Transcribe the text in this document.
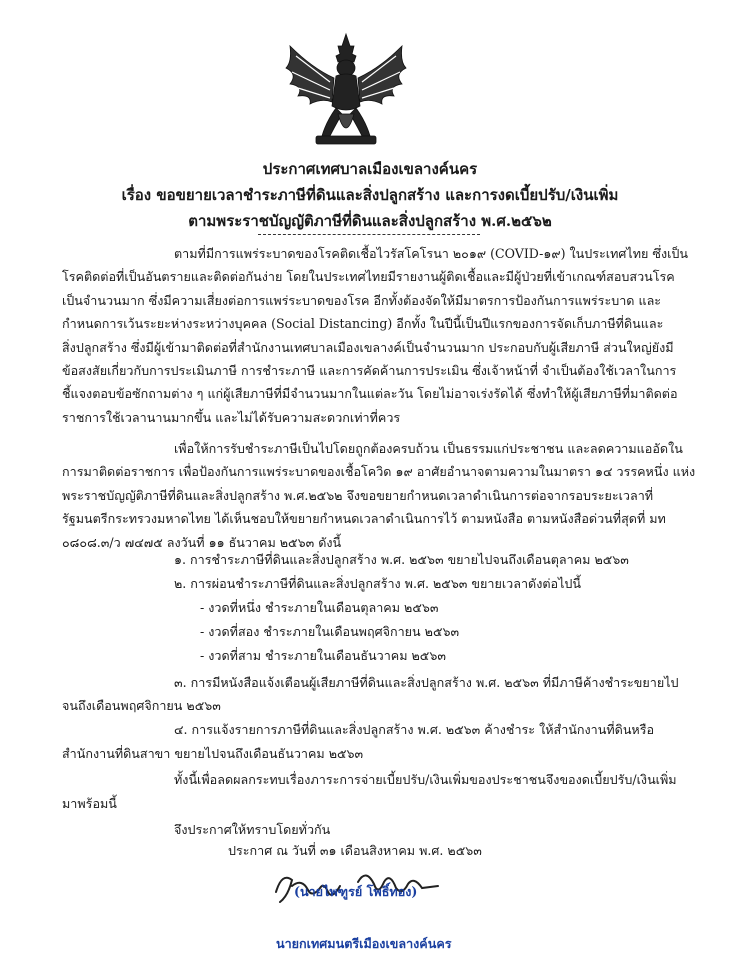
ประกาศเทศบาลเมืองเขลางค์นคร
เรื่อง ขอขยายเวลาชำระภาษีที่ดินและสิ่งปลูกสร้าง และการงดเบี้ยปรับ/เงินเพิ่ม
ตามพระราชบัญญัติภาษีที่ดินและสิ่งปลูกสร้าง พ.ศ.๒๕๖๒
ตามที่มีการแพร่ระบาดของโรคติดเชื้อไวรัสโคโรนา ๒๐๑๙ (COVID-๑๙) ในประเทศไทย ซึ่งเป็น
โรคติดต่อที่เป็นอันตรายและติดต่อกันง่าย โดยในประเทศไทยมีรายงานผู้ติดเชื้อและมีผู้ป่วยที่เข้าเกณฑ์สอบสวนโรค
เป็นจำนวนมาก ซึ่งมีความเสี่ยงต่อการแพร่ระบาดของโรค อีกทั้งต้องจัดให้มีมาตรการป้องกันการแพร่ระบาด และ
กำหนดการเว้นระยะห่างระหว่างบุคคล (Social Distancing) อีกทั้ง ในปีนี้เป็นปีแรกของการจัดเก็บภาษีที่ดินและ
สิ่งปลูกสร้าง ซึ่งมีผู้เข้ามาติดต่อที่สำนักงานเทศบาลเมืองเขลางค์เป็นจำนวนมาก ประกอบกับผู้เสียภาษี ส่วนใหญ่ยังมี
ข้อสงสัยเกี่ยวกับการประเมินภาษี การชำระภาษี และการคัดค้านการประเมิน ซึ่งเจ้าหน้าที่ จำเป็นต้องใช้เวลาในการ
ชี้แจงตอบข้อซักถามต่าง ๆ แก่ผู้เสียภาษีที่มีจำนวนมากในแต่ละวัน โดยไม่อาจเร่งรัดได้ ซึ่งทำให้ผู้เสียภาษีที่มาติดต่อ
ราชการใช้เวลานานมากขึ้น และไม่ได้รับความสะดวกเท่าที่ควร
เพื่อให้การรับชำระภาษีเป็นไปโดยถูกต้องครบถ้วน เป็นธรรมแก่ประชาชน และลดความแออัดใน
การมาติดต่อราชการ เพื่อป้องกันการแพร่ระบาดของเชื้อโควิด ๑๙ อาศัยอำนาจตามความในมาตรา ๑๔ วรรคหนึ่ง แห่ง
พระราชบัญญัติภาษีที่ดินและสิ่งปลูกสร้าง พ.ศ.๒๕๖๒ จึงขอขยายกำหนดเวลาดำเนินการต่อจากรอบระยะเวลาที่
รัฐมนตรีกระทรวงมหาดไทย ได้เห็นชอบให้ขยายกำหนดเวลาดำเนินการไว้ ตามหนังสือ ตามหนังสือด่วนที่สุดที่ มท
๐๘๐๘.๓/ว ๗๔๗๕ ลงวันที่ ๑๑ ธันวาคม ๒๕๖๓ ดังนี้
๑. การชำระภาษีที่ดินและสิ่งปลูกสร้าง พ.ศ. ๒๕๖๓ ขยายไปจนถึงเดือนตุลาคม ๒๕๖๓
๒. การผ่อนชำระภาษีที่ดินและสิ่งปลูกสร้าง พ.ศ. ๒๕๖๓ ขยายเวลาดังต่อไปนี้
- งวดที่หนึ่ง ชำระภายในเดือนตุลาคม ๒๕๖๓
- งวดที่สอง ชำระภายในเดือนพฤศจิกายน ๒๕๖๓
- งวดที่สาม ชำระภายในเดือนธันวาคม ๒๕๖๓
๓. การมีหนังสือแจ้งเตือนผู้เสียภาษีที่ดินและสิ่งปลูกสร้าง พ.ศ. ๒๕๖๓ ที่มีภาษีค้างชำระขยายไป
จนถึงเดือนพฤศจิกายน ๒๕๖๓
๔. การแจ้งรายการภาษีที่ดินและสิ่งปลูกสร้าง พ.ศ. ๒๕๖๓ ค้างชำระ ให้สำนักงานที่ดินหรือ
สำนักงานที่ดินสาขา ขยายไปจนถึงเดือนธันวาคม ๒๕๖๓
ทั้งนี้เพื่อลดผลกระทบเรื่องภาระการจ่ายเบี้ยปรับ/เงินเพิ่มของประชาชนจึงของดเบี้ยปรับ/เงินเพิ่ม
มาพร้อมนี้
จึงประกาศให้ทราบโดยทั่วกัน
ประกาศ ณ วันที่ ๓๑ เดือนสิงหาคม พ.ศ. ๒๕๖๓
(นายไพฑูรย์ โพธิ์ทอง)
นายกเทศมนตรีเมืองเขลางค์นคร
